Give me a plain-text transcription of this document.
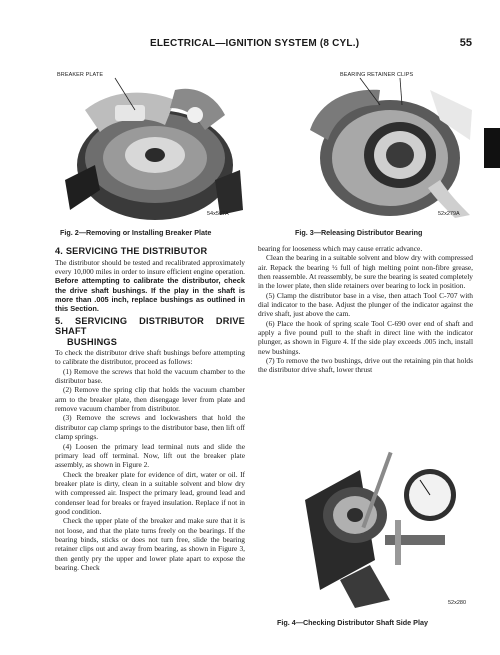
ELECTRICAL—IGNITION SYSTEM (8 CYL.)	55
BREAKER PLATE
54x567A
Fig. 2—Removing or Installing Breaker Plate
BEARING RETAINER CLIPS
52x279A
Fig. 3—Releasing Distributor Bearing
4. SERVICING THE DISTRIBUTOR

The distributor should be tested and recalibrated approximately every 10,000 miles in order to insure efficient engine operation. Before attempting to calibrate the distributor, check the drive shaft bushings. If the play in the shaft is more than .005 inch, replace bushings as outlined in this Section.

5. SERVICING DISTRIBUTOR DRIVE SHAFT
BUSHINGS

To check the distributor drive shaft bushings before attempting to calibrate the distributor, proceed as follows:

(1) Remove the screws that hold the vacuum chamber to the distributor base.

(2) Remove the spring clip that holds the vacuum chamber arm to the breaker plate, then disengage lever from plate and remove vacuum chamber from distributor.

(3) Remove the screws and lockwashers that hold the distributor cap clamp springs to the distributor base, then lift off clamp springs.

(4) Loosen the primary lead terminal nuts and slide the primary lead off terminal. Now, lift out the breaker plate assembly, as shown in Figure 2.

Check the breaker plate for evidence of dirt, water or oil. If breaker plate is dirty, clean in a suitable solvent and blow dry with compressed air. Inspect the primary lead, ground lead and condenser lead for breaks or frayed insulation. Replace if not in good condition.

Check the upper plate of the breaker and make sure that it is not loose, and that the plate turns freely on the bearings. If the bearing binds, sticks or does not turn free, slide the bearing retainer clips out and away from bearing, as shown in Figure 3, then gently pry the upper and lower plate apart to expose the bearing. Check

bearing for looseness which may cause erratic advance.

Clean the bearing in a suitable solvent and blow dry with compressed air. Repack the bearing ½ full of high melting point non-fibre grease, then reassemble. At reassembly, be sure the bearing is seated completely in the lower plate, then slide retainers over bearing to lock in position.

(5) Clamp the distributor base in a vise, then attach Tool C-707 with dial indicator to the base. Adjust the plunger of the indicator against the drive shaft, just above the cam.

(6) Place the hook of spring scale Tool C-690 over end of shaft and apply a five pound pull to the shaft in direct line with the indicator plunger, as shown in Figure 4. If the side play exceeds .005 inch, install new bushings.

(7) To remove the two bushings, drive out the retaining pin that holds the distributor drive shaft, lower thrust

52x280
Fig. 4—Checking Distributor Shaft Side Play
